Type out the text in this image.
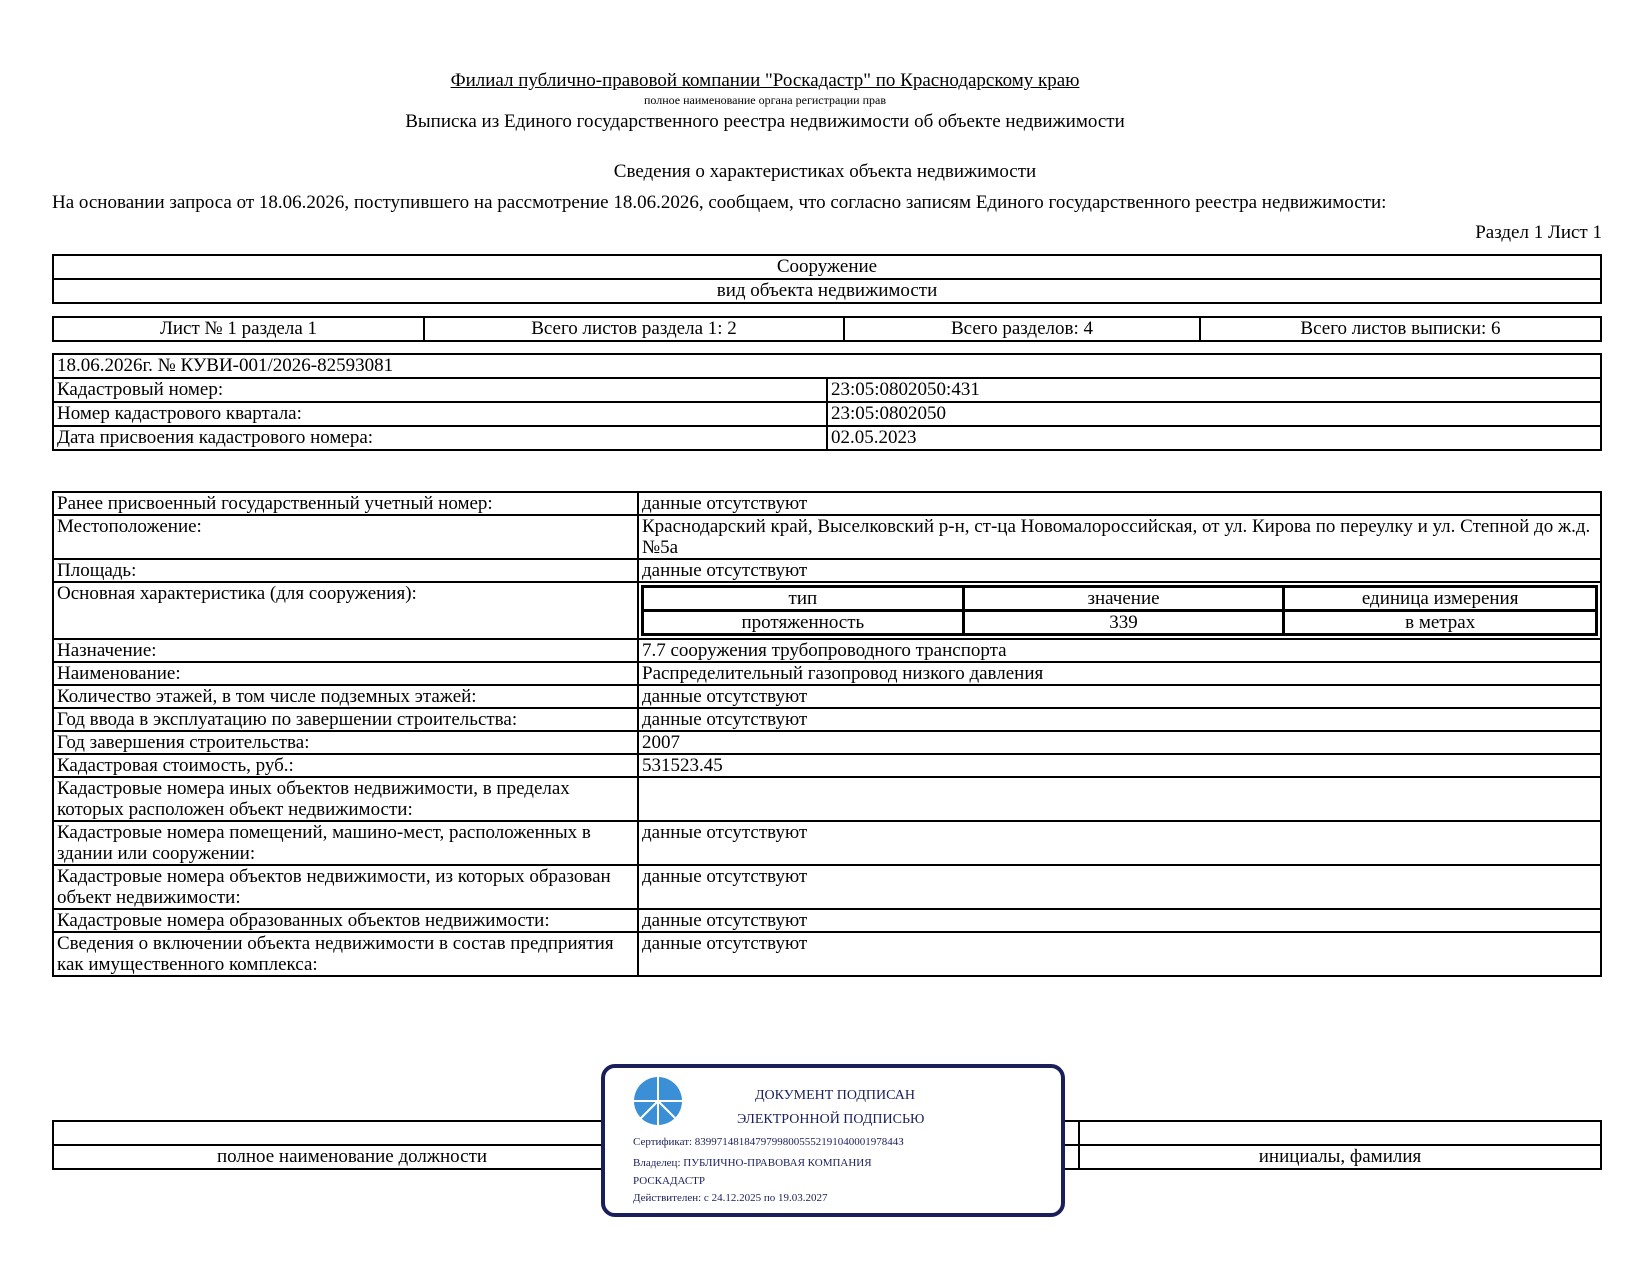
Филиал публично-правовой компании "Роскадастр" по Краснодарскому краю
полное наименование органа регистрации прав
Выписка из Единого государственного реестра недвижимости об объекте недвижимости
Сведения о характеристиках объекта недвижимости
На основании запроса от 18.06.2026, поступившего на рассмотрение 18.06.2026, сообщаем, что согласно записям Единого государственного реестра недвижимости:
Раздел 1 Лист 1
Сооружение
вид объекта недвижимости
Лист № 1 раздела 1	Всего листов раздела 1: 2	Всего разделов: 4	Всего листов выписки: 6
18.06.2026г. № КУВИ-001/2026-82593081	
Кадастровый номер:	23:05:0802050:431
Номер кадастрового квартала:	23:05:0802050
Дата присвоения кадастрового номера:	02.05.2023
Ранее присвоенный государственный учетный номер:	данные отсутствуют
Местоположение:	Краснодарский край, Выселковский р-н, ст-ца Новомалороссийская, от ул. Кирова по переулку и ул. Степной до ж.д. №5а
Площадь:	данные отсутствуют
Основная характеристика (для сооружения):		тип	значение	единица измерения
протяженность	339	в метрах

Назначение:	7.7 сооружения трубопроводного транспорта
Наименование:	Распределительный газопровод низкого давления
Количество этажей, в том числе подземных этажей:	данные отсутствуют
Год ввода в эксплуатацию по завершении строительства:	данные отсутствуют
Год завершения строительства:	2007
Кадастровая стоимость, руб.:	531523.45
Кадастровые номера иных объектов недвижимости, в пределах которых расположен объект недвижимости:	
Кадастровые номера помещений, машино-мест, расположенных в здании или сооружении:	данные отсутствуют
Кадастровые номера объектов недвижимости, из которых образован объект недвижимости:	данные отсутствуют
Кадастровые номера образованных объектов недвижимости:	данные отсутствуют
Сведения о включении объекта недвижимости в состав предприятия как имущественного комплекса:	данные отсутствуют

полное наименование должности		инициалы, фамилия
ДОКУМЕНТ ПОДПИСАН
ЭЛЕКТРОННОЙ ПОДПИСЬЮ
Сертификат: 8399714818479799800555219104000197844З
Владелец: ПУБЛИЧНО-ПРАВОВАЯ КОМПАНИЯ
РОСКАДАСТР
Действителен: с 24.12.2025 по 19.03.2027
